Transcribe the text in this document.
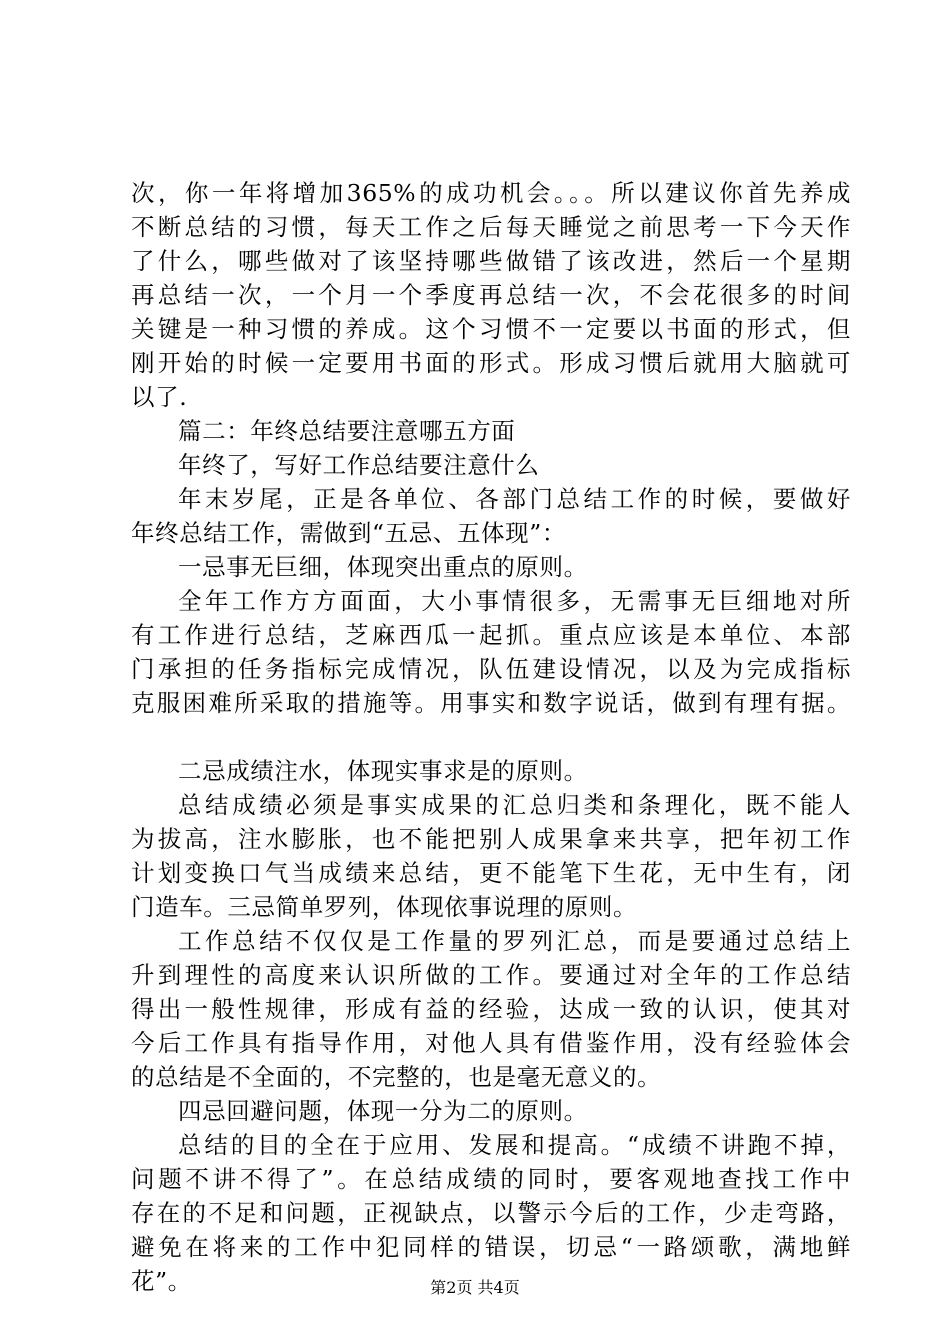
次，你一年将增加365%的成功机会。。。所以建议你首先养成
不断总结的习惯，每天工作之后每天睡觉之前思考一下今天作
了什么，哪些做对了该坚持哪些做错了该改进，然后一个星期
再总结一次，一个月一个季度再总结一次，不会花很多的时间
关键是一种习惯的养成。这个习惯不一定要以书面的形式，但
刚开始的时候一定要用书面的形式。形成习惯后就用大脑就可
以了.
篇二：年终总结要注意哪五方面
年终了，写好工作总结要注意什么
年末岁尾，正是各单位、各部门总结工作的时候，要做好
年终总结工作，需做到“五忌、五体现”：
一忌事无巨细，体现突出重点的原则。
全年工作方方面面，大小事情很多，无需事无巨细地对所
有工作进行总结，芝麻西瓜一起抓。重点应该是本单位、本部
门承担的任务指标完成情况，队伍建设情况，以及为完成指标
克服困难所采取的措施等。用事实和数字说话，做到有理有据。
二忌成绩注水，体现实事求是的原则。
总结成绩必须是事实成果的汇总归类和条理化，既不能人
为拔高，注水膨胀，也不能把别人成果拿来共享，把年初工作
计划变换口气当成绩来总结，更不能笔下生花，无中生有，闭
门造车。三忌简单罗列，体现依事说理的原则。
工作总结不仅仅是工作量的罗列汇总，而是要通过总结上
升到理性的高度来认识所做的工作。要通过对全年的工作总结
得出一般性规律，形成有益的经验，达成一致的认识，使其对
今后工作具有指导作用，对他人具有借鉴作用，没有经验体会
的总结是不全面的，不完整的，也是毫无意义的。
四忌回避问题，体现一分为二的原则。
总结的目的全在于应用、发展和提高。“成绩不讲跑不掉，
问题不讲不得了”。在总结成绩的同时，要客观地查找工作中
存在的不足和问题，正视缺点，以警示今后的工作，少走弯路，
避免在将来的工作中犯同样的错误，切忌“一路颂歌，满地鲜
花”。	第2页 共4页
